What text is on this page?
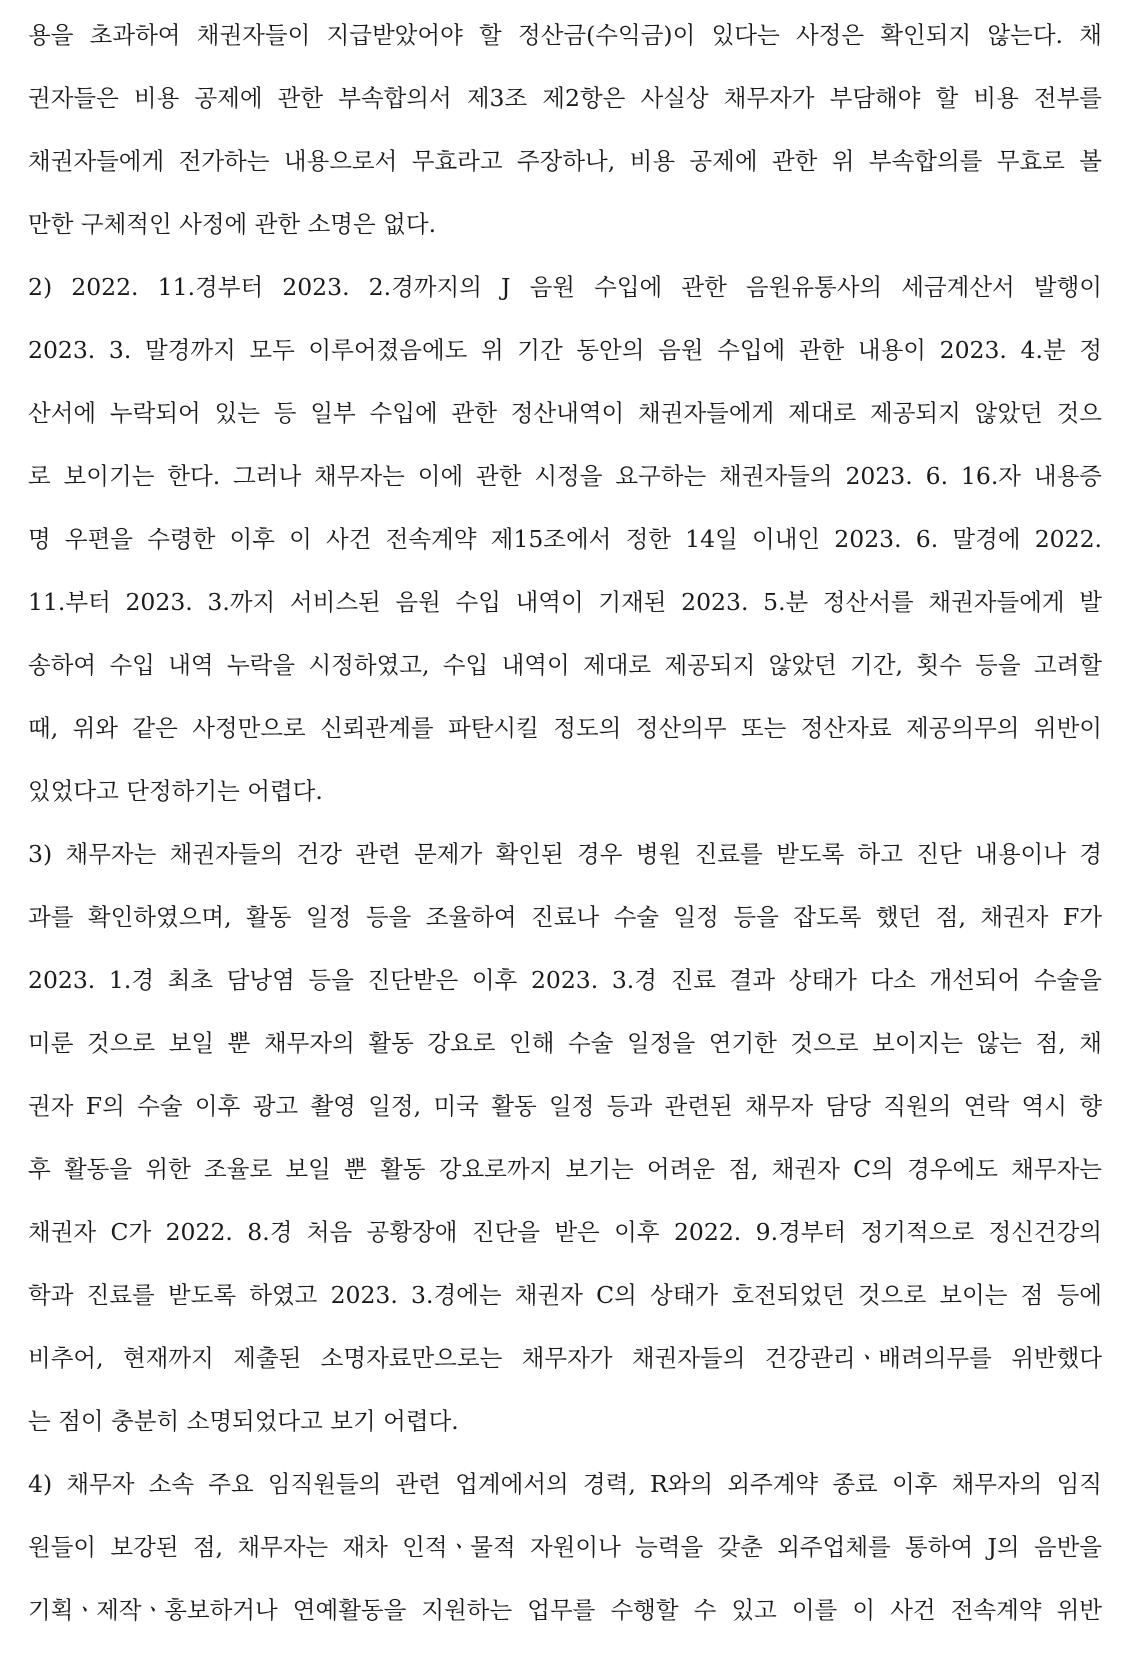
용을 초과하여 채권자들이 지급받았어야 할 정산금(수익금)이 있다는 사정은 확인되지 않는다. 채

권자들은 비용 공제에 관한 부속합의서 제3조 제2항은 사실상 채무자가 부담해야 할 비용 전부를

채권자들에게 전가하는 내용으로서 무효라고 주장하나, 비용 공제에 관한 위 부속합의를 무효로 볼

만한 구체적인 사정에 관한 소명은 없다.

2) 2022. 11.경부터 2023. 2.경까지의 J 음원 수입에 관한 음원유통사의 세금계산서 발행이

2023. 3. 말경까지 모두 이루어졌음에도 위 기간 동안의 음원 수입에 관한 내용이 2023. 4.분 정

산서에 누락되어 있는 등 일부 수입에 관한 정산내역이 채권자들에게 제대로 제공되지 않았던 것으

로 보이기는 한다. 그러나 채무자는 이에 관한 시정을 요구하는 채권자들의 2023. 6. 16.자 내용증

명 우편을 수령한 이후 이 사건 전속계약 제15조에서 정한 14일 이내인 2023. 6. 말경에 2022.

11.부터 2023. 3.까지 서비스된 음원 수입 내역이 기재된 2023. 5.분 정산서를 채권자들에게 발

송하여 수입 내역 누락을 시정하였고, 수입 내역이 제대로 제공되지 않았던 기간, 횟수 등을 고려할

때, 위와 같은 사정만으로 신뢰관계를 파탄시킬 정도의 정산의무 또는 정산자료 제공의무의 위반이

있었다고 단정하기는 어렵다.

3) 채무자는 채권자들의 건강 관련 문제가 확인된 경우 병원 진료를 받도록 하고 진단 내용이나 경

과를 확인하였으며, 활동 일정 등을 조율하여 진료나 수술 일정 등을 잡도록 했던 점, 채권자 F가

2023. 1.경 최초 담낭염 등을 진단받은 이후 2023. 3.경 진료 결과 상태가 다소 개선되어 수술을

미룬 것으로 보일 뿐 채무자의 활동 강요로 인해 수술 일정을 연기한 것으로 보이지는 않는 점, 채

권자 F의 수술 이후 광고 촬영 일정, 미국 활동 일정 등과 관련된 채무자 담당 직원의 연락 역시 향

후 활동을 위한 조율로 보일 뿐 활동 강요로까지 보기는 어려운 점, 채권자 C의 경우에도 채무자는

채권자 C가 2022. 8.경 처음 공황장애 진단을 받은 이후 2022. 9.경부터 정기적으로 정신건강의

학과 진료를 받도록 하였고 2023. 3.경에는 채권자 C의 상태가 호전되었던 것으로 보이는 점 등에

비추어, 현재까지 제출된 소명자료만으로는 채무자가 채권자들의 건강관리ㆍ배려의무를 위반했다

는 점이 충분히 소명되었다고 보기 어렵다.

4) 채무자 소속 주요 임직원들의 관련 업계에서의 경력, R와의 외주계약 종료 이후 채무자의 임직

원들이 보강된 점, 채무자는 재차 인적ㆍ물적 자원이나 능력을 갖춘 외주업체를 통하여 J의 음반을

기획ㆍ제작ㆍ홍보하거나 연예활동을 지원하는 업무를 수행할 수 있고 이를 이 사건 전속계약 위반
